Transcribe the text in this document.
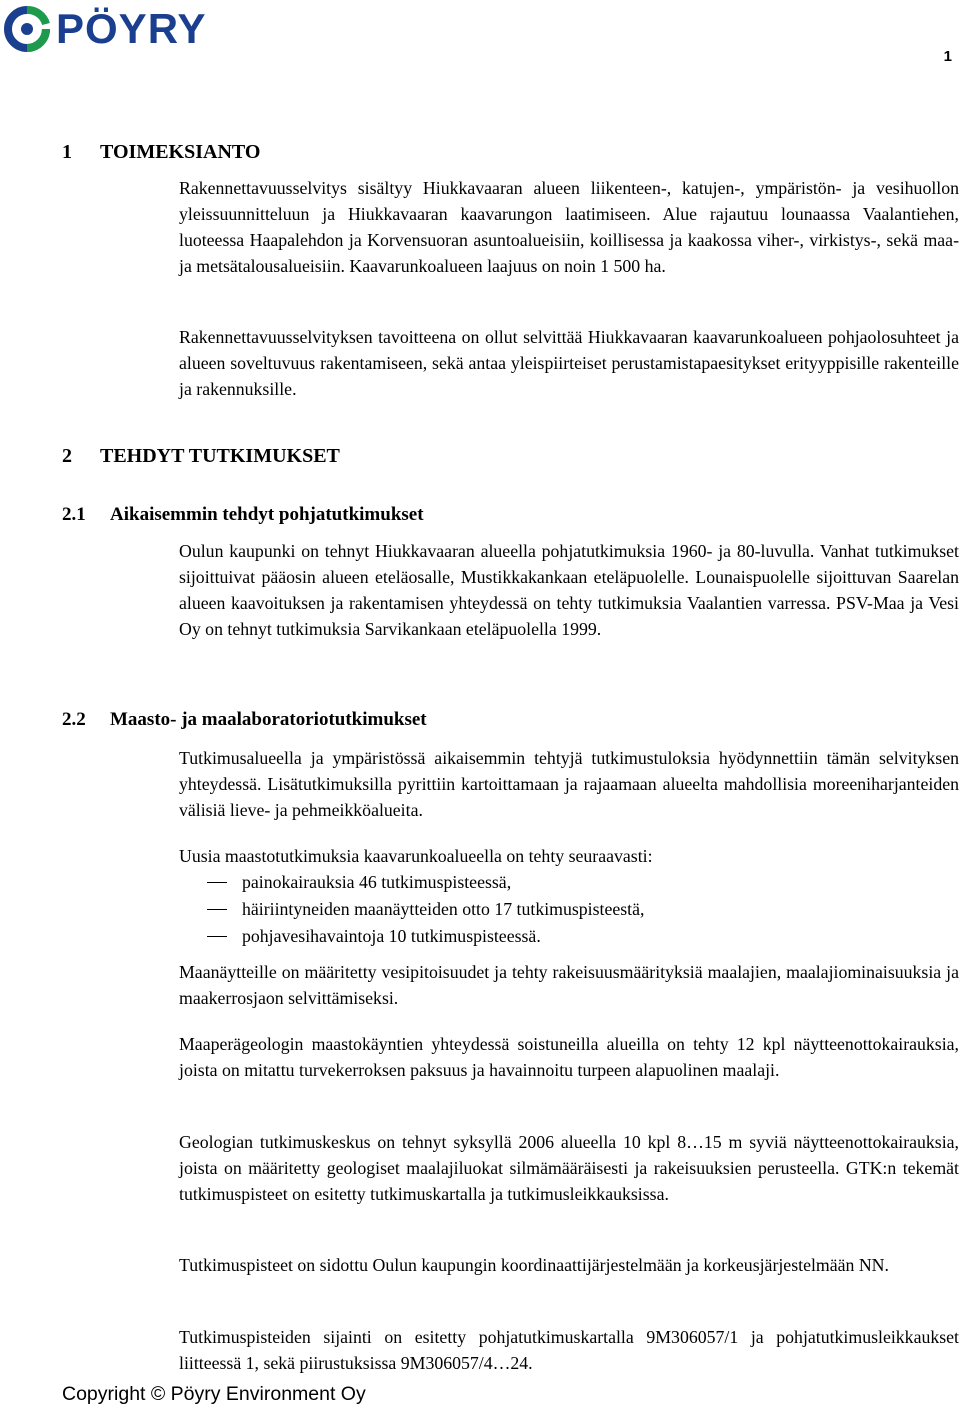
PÖYRY
1
1 TOIMEKSIANTO

Rakennettavuusselvitys sisältyy Hiukkavaaran alueen liikenteen-, katujen-, ympäristön- ja vesihuollon yleissuunnitteluun ja Hiukkavaaran kaavarungon laatimiseen. Alue rajautuu lounaassa Vaalantiehen, luoteessa Haapalehdon ja Korvensuoran asuntoalueisiin, koillisessa ja kaakossa viher-, virkistys-, sekä maa- ja metsätalousalueisiin. Kaavarunkoalueen laajuus on noin 1 500 ha.

Rakennettavuusselvityksen tavoitteena on ollut selvittää Hiukkavaaran kaavarunkoalueen pohjaolosuhteet ja alueen soveltuvuus rakentamiseen, sekä antaa yleispiirteiset perustamistapaesitykset erityyppisille rakenteille ja rakennuksille.

2 TEHDYT TUTKIMUKSET
2.1 Aikaisemmin tehdyt pohjatutkimukset

Oulun kaupunki on tehnyt Hiukkavaaran alueella pohjatutkimuksia 1960- ja 80-luvulla. Vanhat tutkimukset sijoittuivat pääosin alueen eteläosalle, Mustikkakankaan eteläpuolelle. Lounaispuolelle sijoittuvan Saarelan alueen kaavoituksen ja rakentamisen yhteydessä on tehty tutkimuksia Vaalantien varressa. PSV-Maa ja Vesi Oy on tehnyt tutkimuksia Sarvikankaan eteläpuolella 1999.

2.2 Maasto- ja maalaboratoriotutkimukset

Tutkimusalueella ja ympäristössä aikaisemmin tehtyjä tutkimustuloksia hyödynnettiin tämän selvityksen yhteydessä. Lisätutkimuksilla pyrittiin kartoittamaan ja rajaamaan alueelta mahdollisia moreeniharjanteiden välisiä lieve- ja pehmeikköalueita.

Uusia maastotutkimuksia kaavarunkoalueella on tehty seuraavasti:

painokairauksia 46 tutkimuspisteessä,
häiriintyneiden maanäytteiden otto 17 tutkimuspisteestä,
pohjavesihavaintoja 10 tutkimuspisteessä.

Maanäytteille on määritetty vesipitoisuudet ja tehty rakeisuusmäärityksiä maalajien, maalajiominaisuuksia ja maakerrosjaon selvittämiseksi.

Maaperägeologin maastokäyntien yhteydessä soistuneilla alueilla on tehty 12 kpl näytteenottokairauksia, joista on mitattu turvekerroksen paksuus ja havainnoitu turpeen alapuolinen maalaji.

Geologian tutkimuskeskus on tehnyt syksyllä 2006 alueella 10 kpl 8…15 m syviä näytteenottokairauksia, joista on määritetty geologiset maalajiluokat silmämääräisesti ja rakeisuuksien perusteella. GTK:n tekemät tutkimuspisteet on esitetty tutkimuskartalla ja tutkimusleikkauksissa.

Tutkimuspisteet on sidottu Oulun kaupungin koordinaattijärjestelmään ja korkeusjärjestelmään NN.

Tutkimuspisteiden sijainti on esitetty pohjatutkimuskartalla 9M306057/1 ja pohjatutkimusleikkaukset liitteessä 1, sekä piirustuksissa 9M306057/4…24.

Copyright © Pöyry Environment Oy
